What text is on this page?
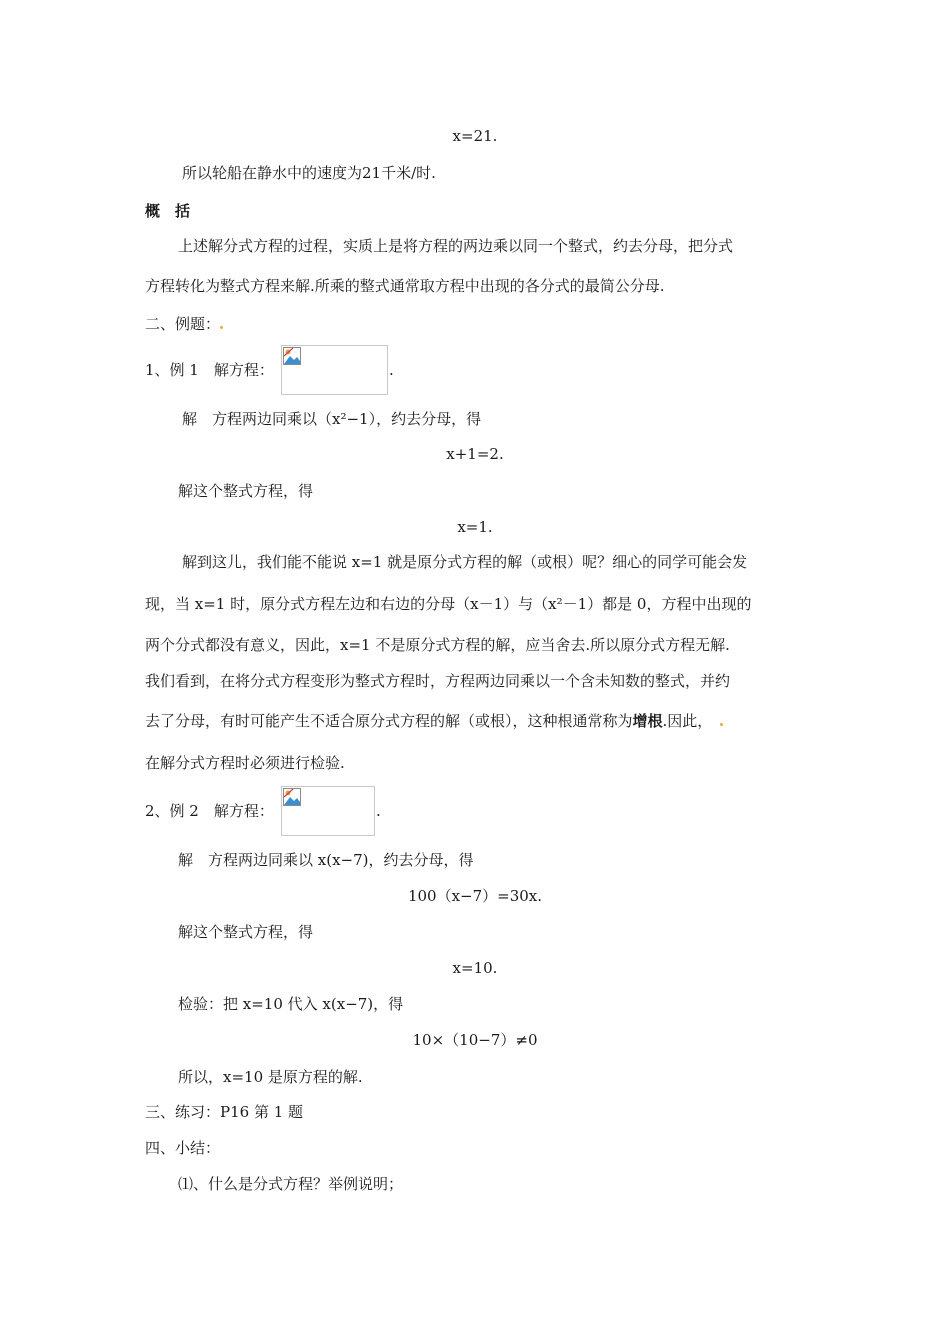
x=21.
所以轮船在静水中的速度为21千米/时.
概　括
上述解分式方程的过程，实质上是将方程的两边乘以同一个整式，约去分母，把分式
方程转化为整式方程来解.所乘的整式通常取方程中出现的各分式的最简公分母.
二、例题：
1、例 1　解方程：	.
解　方程两边同乘以（x²−1），约去分母，得
x+1=2.
解这个整式方程，得
x=1.
解到这儿，我们能不能说 x=1 就是原分式方程的解（或根）呢？细心的同学可能会发
现，当 x=1 时，原分式方程左边和右边的分母（x－1）与（x²－1）都是 0，方程中出现的
两个分式都没有意义，因此，x=1 不是原分式方程的解，应当舍去.所以原分式方程无解.
我们看到，在将分式方程变形为整式方程时，方程两边同乘以一个含未知数的整式，并约
去了分母，有时可能产生不适合原分式方程的解（或根），这种根通常称为增根.因此，
在解分式方程时必须进行检验.
2、例 2　解方程：	.
解　方程两边同乘以 x(x−7)，约去分母，得
100（x−7）=30x.
解这个整式方程，得
x=10.
检验：把 x=10 代入 x(x−7)，得
10×（10−7）≠0
所以，x=10 是原方程的解.
三、练习：P16 第 1 题
四、小结：
⑴、什么是分式方程？举例说明；
